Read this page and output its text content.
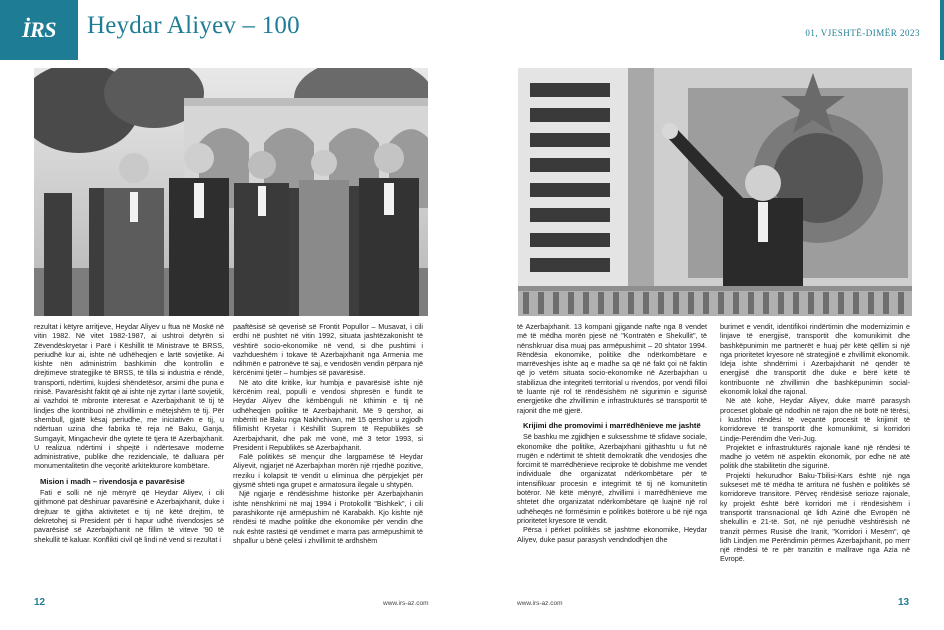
İRS	Heydar Aliyev – 100	01, VJESHTË-DIMËR 2023

rezultat i këtyre arritjeve, Heydar Aliyev u ftua në Moskë në vitin 1982. Në vitet 1982-1987, ai ushtroi detyrën si Zëvendëskryetar i Parë i Këshillit të Ministrave të BRSS, periudhë kur ai, ishte në udhëheqjen e lartë sovjetike. Ai kishte nën administrim bashkimin dhe kontrollin e drejtimeve strategjike të BRSS, të tilla si industria e rëndë, transporti, ndërtimi, kujdesi shëndetësor, arsimi dhe puna e rinisë. Pavarësisht faktit që ai ishte një zyrtar i lartë sovjetik, ai vazhdoi të mbronte interesat e Azerbajxhanit të tij të lindjes dhe kontribuoi në zhvillimin e mëtejshëm të tij. Për shembull, gjatë kësaj periudhe, me iniciativën e tij, u ndërtuan uzina dhe fabrika të reja në Baku, Ganja, Sumgayit, Mingachevir dhe qytete të tjera të Azerbajxhanit. U realizua ndërtimi i shpejtë i ndërtesave moderne administrative, publike dhe rezidenciale, të dalluara për monumentalitetin dhe veçoritë arkitekturore kombëtare.

Mision i madh – rivendosja e pavarësisë

Fati e solli në një mënyrë që Heydar Aliyev, i cili gjithmonë pat dëshiruar pavarësinë e Azerbajxhanit, duke i drejtuar të gjitha aktivitetet e tij në këtë drejtim, të dekretohej si President për ti hapur udhë rivendosjes së pavarësisë së Azerbajxhanit në fillim të viteve '90 të shekullit të kaluar. Konflikti civil që lindi në vend si rezultat i

paaftësisë së qeverisë së Frontit Popullor – Musavat, i cili erdhi në pushtet në vitin 1992, situata jashtëzakonisht të vështirë socio-ekonomike në vend, si dhe pushtimi i vazhdueshëm i tokave të Azerbajxhanit nga Armenia me ndihmën e patronëve të saj, e vendosën vendin përpara një kërcënimi tjetër – humbjes së pavarësisë.

Në ato ditë kritike, kur humbja e pavarësisë ishte një kërcënim real, populli e vendosi shpresën e fundit te Heydar Aliyev dhe këmbënguli në kthimin e tij në udhëheqjen politike të Azerbajxhanit. Më 9 qershor, ai mbërriti në Baku nga Nakhchivan, më 15 qershor u zgjodh fillimisht Kryetar i Këshillit Suprem të Republikës së Azerbajxhanit, dhe pak më vonë, më 3 tetor 1993, si President i Republikës së Azerbajxhanit.

Falë politikës së mençur dhe largpamëse të Heydar Aliyevit, ngjarjet në Azerbajxhan morën një rrjedhë pozitive, rreziku i kolapsit të vendit u eliminua dhe përpjekjet për gjysmë shteti nga grupet e armatosura ilegale u shtypën.

Një ngjarje e rëndësishme historike për Azerbajxhanin ishte nënshkrimi në maj 1994 i Protokollit "Bishkek", i cili parashikonte një armëpushim në Karabakh. Kjo kishte një rëndësi të madhe politike dhe ekonomike për vendin dhe nuk është rastësi që vendimet e marra pas armëpushimit të shpallur u bënë çelësi i zhvillimit të ardhshëm

të Azerbajxhanit. 13 kompani gjigande nafte nga 8 vendet më të mëdha morën pjesë në "Kontratën e Shekullit", të nënshkruar disa muaj pas armëpushimit – 20 shtator 1994. Rëndësia ekonomike, politike dhe ndërkombëtare e marrëveshjes ishte aq e madhe sa që në fakt çoi në faktin që jo vetëm situata socio-ekonomike në Azerbajxhan u stabilizua dhe integriteti territorial u rivendos, por vendi filloi të luante një rol të rëndësishëm në sigurimin e sigurisë energjetike dhe zhvillimin e infrastrukturës së transportit të rajonit dhe më gjerë.

Krijimi dhe promovimi i marrëdhënieve me jashtë

Së bashku me zgjidhjen e suksesshme të sfidave sociale, ekonomike dhe politike, Azerbajxhani gjithashtu u fut në rrugën e ndërtimit të shtetit demokratik dhe vendosjes dhe forcimit të marrëdhënieve reciproke të dobishme me vendet individuale dhe organizatat ndërkombëtare për të intensifikuar procesin e integrimit të tij në komunitetin botëror. Në këtë mënyrë, zhvillimi i marrëdhënieve me shtetet dhe organizatat ndërkombëtare që luajnë një rol udhëheqës në formësimin e politikës botërore u bë një nga prioritetet kryesore të vendit.

Përsa i përket politikës së jashtme ekonomike, Heydar Aliyev, duke pasur parasysh vendndodhjen dhe

burimet e vendit, identifikoi rindërtimin dhe modernizimin e linjave të energjisë, transportit dhe komunikimit dhe bashkëpunimin me partnerët e huaj për këtë qëllim si një nga prioritetet kryesore në strategjinë e zhvillimit ekonomik. Ideja ishte shndërrimi i Azerbajxhanit në qendër të energjisë dhe transportit dhe duke e bërë këtë të kontribuonte në zhvillimin dhe bashkëpunimin social-ekonomik lokal dhe rajonal.

Në atë kohë, Heydar Aliyev, duke marrë parasysh proceset globale që ndodhin në rajon dhe në botë në tërësi, i kushtoi rëndësi të veçantë procesit të krijimit të korridoreve të transportit dhe komunikimit, si korridori Lindje-Perëndim dhe Veri-Jug.

Projektet e infrastrukturës rajonale kanë një rëndësi të madhe jo vetëm në aspektin ekonomik, por edhe në atë politik dhe stabilitetin dhe sigurinë.

Projekti hekurudhor Baku-Tbilisi-Kars është një nga sukseset më të mëdha të arritura në fushën e politikës së korridoreve transitore. Përveç rëndësisë serioze rajonale, ky projekt është bërë korridori më i rëndësishëm i transportit transnacional që lidh Azinë dhe Evropën në shekullin e 21-të. Sot, në një periudhë vështirësish në tranzit përmes Rusisë dhe Iranit, "Korridori i Mesëm", që lidh Lindjen me Perëndimin përmes Azerbajxhanit, po merr një rëndësi të re për tranzitin e mallrave nga Azia në Evropë.

12	www.irs-az.com	www.irs-az.com	13
